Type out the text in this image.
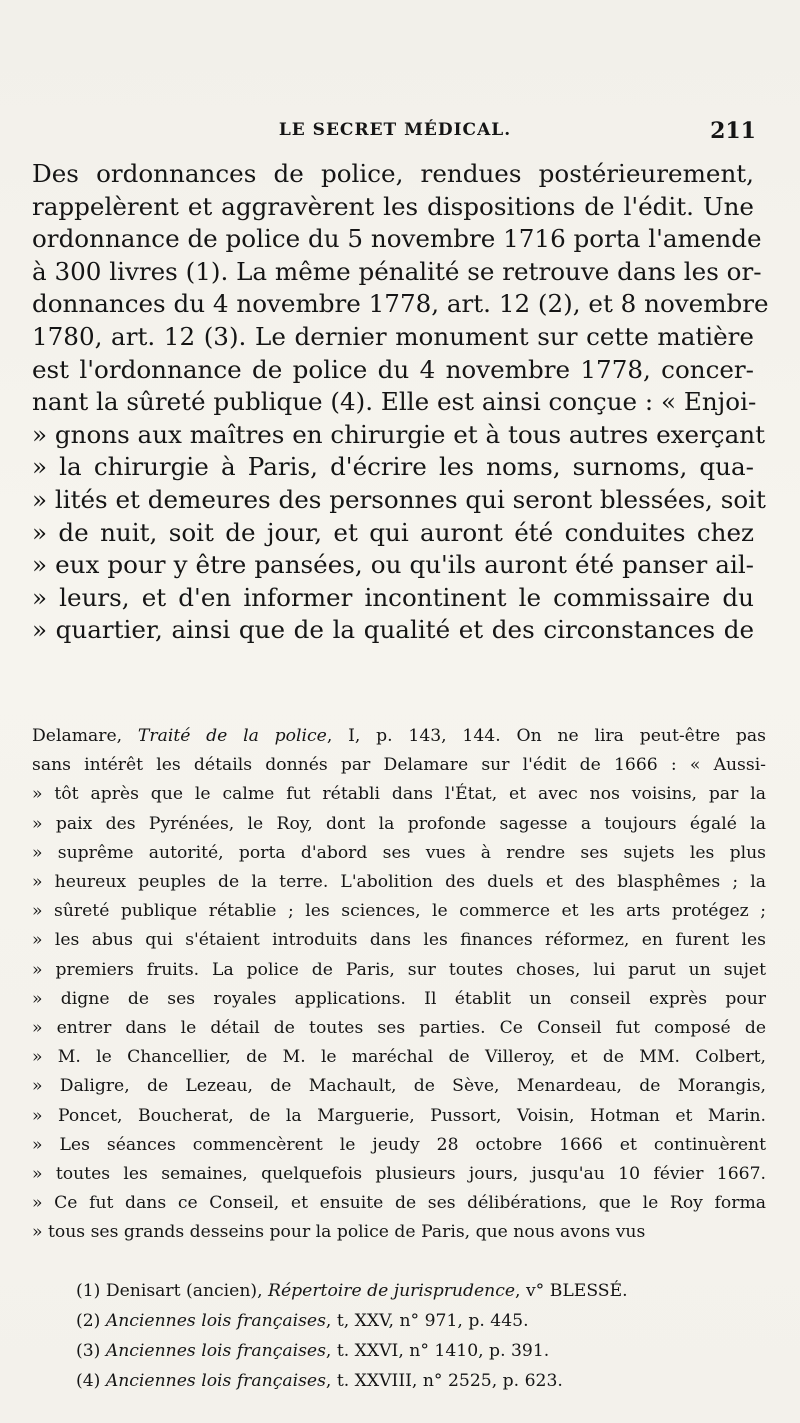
LE SECRET MÉDICAL.	211
Des ordonnances de police, rendues postérieurement,
rappelèrent et aggravèrent les dispositions de l'édit. Une
ordonnance de police du 5 novembre 1716 porta l'amende
à 300 livres (1). La même pénalité se retrouve dans les or-
donnances du 4 novembre 1778, art. 12 (2), et 8 novembre
1780, art. 12 (3). Le dernier monument sur cette matière
est l'ordonnance de police du 4 novembre 1778, concer-
nant la sûreté publique (4). Elle est ainsi conçue : « Enjoi-
» gnons aux maîtres en chirurgie et à tous autres exerçant
» la chirurgie à Paris, d'écrire les noms, surnoms, qua-
» lités et demeures des personnes qui seront blessées, soit
» de nuit, soit de jour, et qui auront été conduites chez
» eux pour y être pansées, ou qu'ils auront été panser ail-
» leurs, et d'en informer incontinent le commissaire du
» quartier, ainsi que de la qualité et des circonstances de
Delamare, Traité de la police, I, p. 143, 144. On ne lira peut-être pas
sans intérêt les détails donnés par Delamare sur l'édit de 1666 : « Aussi-
» tôt après que le calme fut rétabli dans l'État, et avec nos voisins, par la
» paix des Pyrénées, le Roy, dont la profonde sagesse a toujours égalé la
» suprême autorité, porta d'abord ses vues à rendre ses sujets les plus
» heureux peuples de la terre. L'abolition des duels et des blasphêmes ; la
» sûreté publique rétablie ; les sciences, le commerce et les arts protégez ;
» les abus qui s'étaient introduits dans les finances réformez, en furent les
» premiers fruits. La police de Paris, sur toutes choses, lui parut un sujet
» digne de ses royales applications. Il établit un conseil exprès pour
» entrer dans le détail de toutes ses parties. Ce Conseil fut composé de
» M. le Chancellier, de M. le maréchal de Villeroy, et de MM. Colbert,
» Daligre, de Lezeau, de Machault, de Sève, Menardeau, de Morangis,
» Poncet, Boucherat, de la Marguerie, Pussort, Voisin, Hotman et Marin.
» Les séances commencèrent le jeudy 28 octobre 1666 et continuèrent
» toutes les semaines, quelquefois plusieurs jours, jusqu'au 10 févier 1667.
» Ce fut dans ce Conseil, et ensuite de ses délibérations, que le Roy forma
» tous ses grands desseins pour la police de Paris, que nous avons vus
(1) Denisart (ancien), Répertoire de jurisprudence, v° BLESSÉ.
(2) Anciennes lois françaises, t, XXV, n° 971, p. 445.
(3) Anciennes lois françaises, t. XXVI, n° 1410, p. 391.
(4) Anciennes lois françaises, t. XXVIII, n° 2525, p. 623.
